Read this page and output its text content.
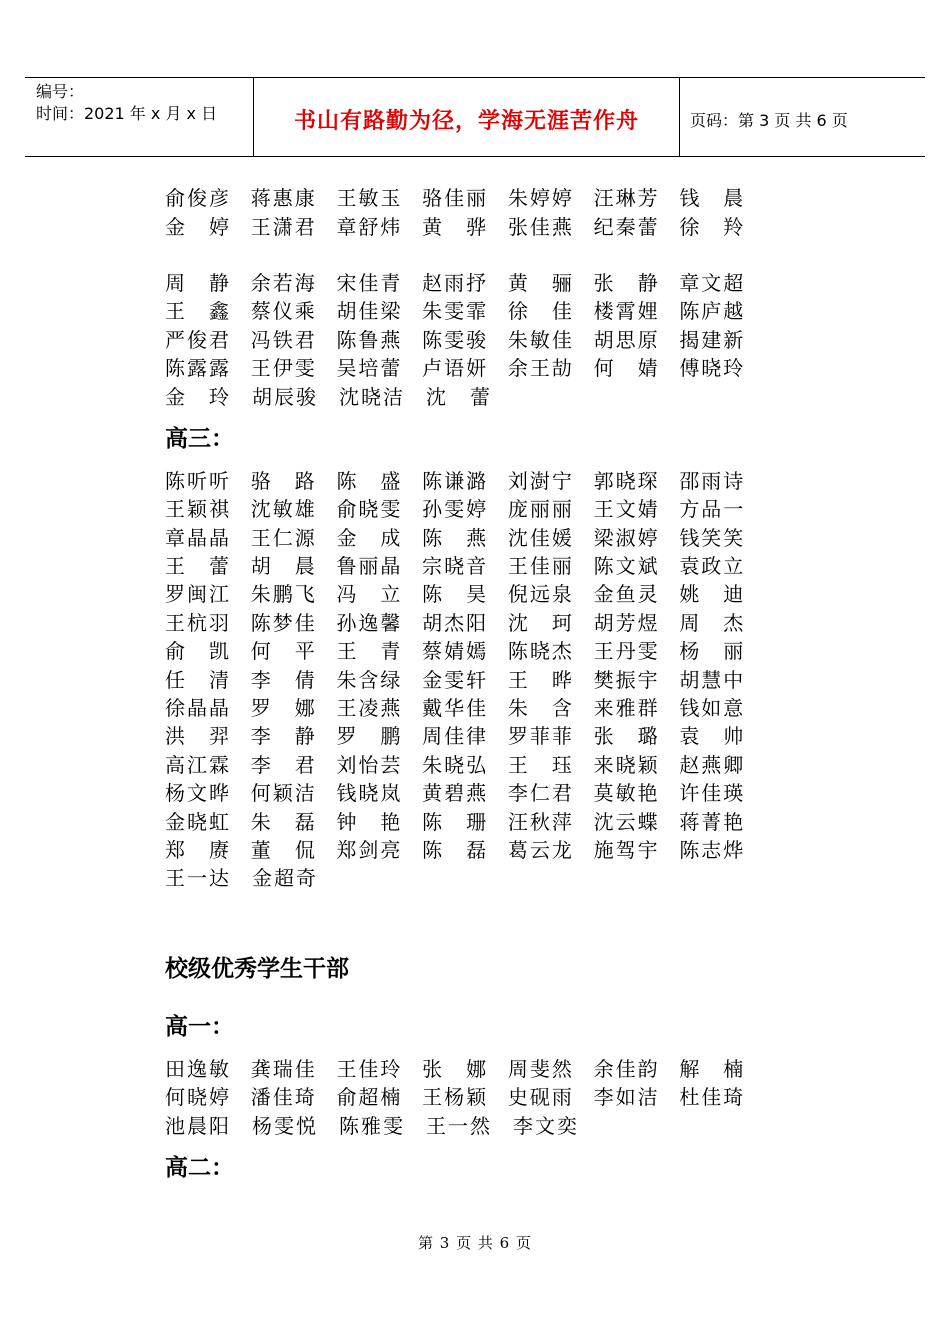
编号：
时间：2021 年 x 月 x 日	书山有路勤为径，学海无涯苦作舟	页码：第 3 页 共 6 页
俞俊彦	蒋惠康	王敏玉	骆佳丽	朱婷婷	汪琳芳	钱　晨
金　婷	王潇君	章舒炜	黄　骅	张佳燕	纪秦蕾	徐　羚
周　静	余若海	宋佳青	赵雨抒	黄　骊	张　静	章文超
王　鑫	蔡仪乘	胡佳梁	朱雯霏	徐　佳	楼霄娌	陈庐越
严俊君	冯铁君	陈鲁燕	陈雯骏	朱敏佳	胡思原	揭建新
陈露露	王伊雯	吴培蕾	卢语妍	余王劼	何　婧	傅晓玲
金　玲	胡辰骏	沈晓洁	沈　蕾
高三：
陈听听	骆　路	陈　盛	陈谦潞	刘澍宁	郭晓琛	邵雨诗
王颖祺	沈敏雄	俞晓雯	孙雯婷	庞丽丽	王文婧	方品一
章晶晶	王仁源	金　成	陈　燕	沈佳媛	梁淑婷	钱笑笑
王　蕾	胡　晨	鲁丽晶	宗晓音	王佳丽	陈文斌	袁政立
罗闽江	朱鹏飞	冯　立	陈　昊	倪远泉	金鱼灵	姚　迪
王杭羽	陈梦佳	孙逸馨	胡杰阳	沈　珂	胡芳煜	周　杰
俞　凯	何　平	王　青	蔡婧嫣	陈晓杰	王丹雯	杨　丽
任　清	李　倩	朱含绿	金雯轩	王　晔	樊振宇	胡慧中
徐晶晶	罗　娜	王凌燕	戴华佳	朱　含	来雅群	钱如意
洪　羿	李　静	罗　鹏	周佳律	罗菲菲	张　璐	袁　帅
高江霖	李　君	刘怡芸	朱晓弘	王　珏	来晓颖	赵燕卿
杨文晔	何颖洁	钱晓岚	黄碧燕	李仁君	莫敏艳	许佳瑛
金晓虹	朱　磊	钟　艳	陈　珊	汪秋萍	沈云蝶	蒋菁艳
郑　赓	董　侃	郑剑亮	陈　磊	葛云龙	施驾宇	陈志烨
王一达	金超奇
校级优秀学生干部
高一：
田逸敏	龚瑞佳	王佳玲	张　娜	周斐然	余佳韵	解　楠
何晓婷	潘佳琦	俞超楠	王杨颖	史砚雨	李如洁	杜佳琦
池晨阳	杨雯悦	陈雅雯	王一然	李文奕
高二：
第 3 页 共 6 页
